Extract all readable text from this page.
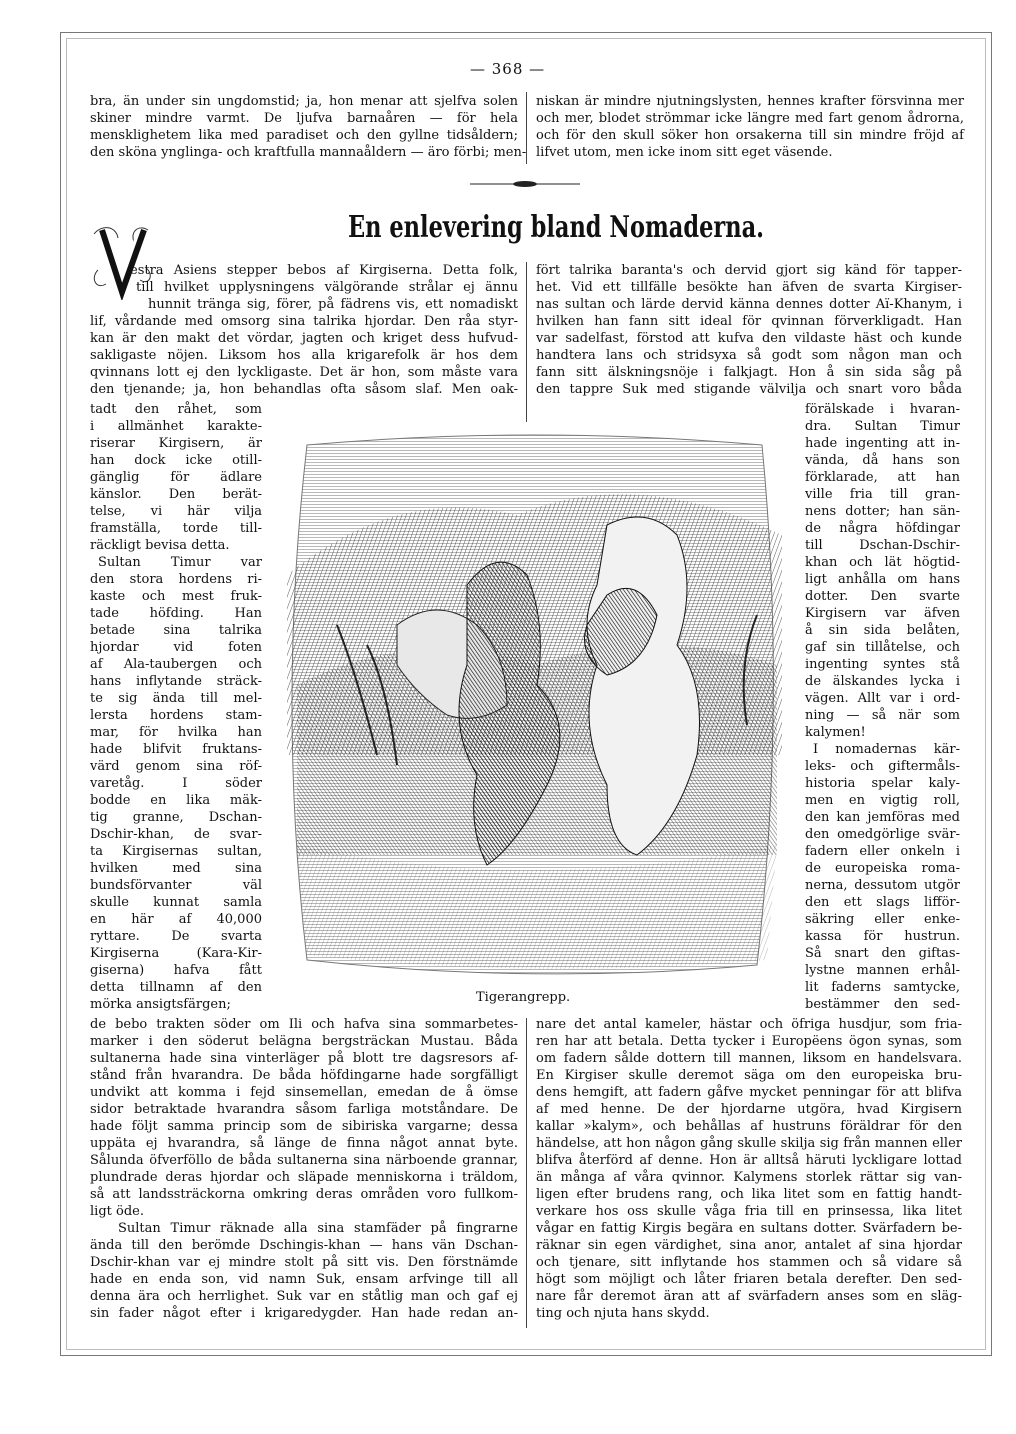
— 368 —
bra, än under sin ungdomstid; ja, hon menar att sjelfva solen
skiner mindre varmt. De ljufva barnaåren — för hela
mensklighetem lika med paradiset och den gyllne tidsåldern;
den sköna ynglinga- och kraftfulla mannaåldern — äro förbi; men-
niskan är mindre njutningslysten, hennes krafter försvinna mer
och mer, blodet strömmar icke längre med fart genom ådrorna,
och för den skull söker hon orsakerna till sin mindre fröjd af
lifvet utom, men icke inom sitt eget väsende.
V	En enlevering bland Nomaderna.
estra Asiens stepper bebos af Kirgiserna. Detta folk,
till hvilket upplysningens välgörande strålar ej ännu
hunnit tränga sig, förer, på fädrens vis, ett nomadiskt
lif, vårdande med omsorg sina talrika hjordar. Den råa styr-
kan är den makt det vördar, jagten och kriget dess hufvud-
sakligaste nöjen. Liksom hos alla krigarefolk är hos dem
qvinnans lott ej den lyckligaste. Det är hon, som måste vara
den tjenande; ja, hon behandlas ofta såsom slaf. Men oak-
fört talrika baranta's och dervid gjort sig känd för tapper-
het. Vid ett tillfälle besökte han äfven de svarta Kirgiser-
nas sultan och lärde dervid känna dennes dotter Aï-Khanym, i
hvilken han fann sitt ideal för qvinnan förverkligadt. Han
var sadelfast, förstod att kufva den vildaste häst och kunde
handtera lans och stridsyxa så godt som någon man och
fann sitt älskningsnöje i falkjagt. Hon å sin sida såg på
den tappre Suk med stigande välvilja och snart voro båda
tadt den råhet, som
i allmänhet karakte-
riserar Kirgisern, är
han dock icke otill-
gänglig för ädlare
känslor. Den berät-
telse, vi här vilja
framställa, torde till-
räckligt bevisa detta.
Sultan Timur var
den stora hordens ri-
kaste och mest fruk-
tade höfding. Han
betade sina talrika
hjordar vid foten
af Ala-taubergen och
hans inflytande sträck-
te sig ända till mel-
lersta hordens stam-
mar, för hvilka han
hade blifvit fruktans-
värd genom sina röf-
varetåg. I söder
bodde en lika mäk-
tig granne, Dschan-
Dschir-khan, de svar-
ta Kirgisernas sultan,
hvilken med sina
bundsförvanter väl
skulle kunnat samla
en här af 40,000
ryttare. De svarta
Kirgiserna (Kara-Kir-
giserna) hafva fått
detta tillnamn af den
mörka ansigtsfärgen;
förälskade i hvaran-
dra. Sultan Timur
hade ingenting att in-
vända, då hans son
förklarade, att han
ville fria till gran-
nens dotter; han sän-
de några höfdingar
till Dschan-Dschir-
khan och lät högtid-
ligt anhålla om hans
dotter. Den svarte
Kirgisern var äfven
å sin sida belåten,
gaf sin tillåtelse, och
ingenting syntes stå
de älskandes lycka i
vägen. Allt var i ord-
ning — så när som
kalymen!
I nomadernas kär-
leks- och giftermåls-
historia spelar kaly-
men en vigtig roll,
den kan jemföras med
den omedgörlige svär-
fadern eller onkeln i
de europeiska roma-
nerna, dessutom utgör
den ett slags lifför-
säkring eller enke-
kassa för hustrun.
Så snart den giftas-
lystne mannen erhål-
lit faderns samtycke,
bestämmer den sed-
Tigerangrepp.
de bebo trakten söder om Ili och hafva sina sommarbetes-
marker i den söderut belägna bergsträckan Mustau. Båda
sultanerna hade sina vinterläger på blott tre dagsresors af-
stånd från hvarandra. De båda höfdingarne hade sorgfälligt
undvikt att komma i fejd sinsemellan, emedan de å ömse
sidor betraktade hvarandra såsom farliga motståndare. De
hade följt samma princip som de sibiriska vargarne; dessa
uppäta ej hvarandra, så länge de finna något annat byte.
Sålunda öfverföllo de båda sultanerna sina närboende grannar,
plundrade deras hjordar och släpade menniskorna i träldom,
så att landssträckorna omkring deras områden voro fullkom-
ligt öde.
Sultan Timur räknade alla sina stamfäder på fingrarne
ända till den berömde Dschingis-khan — hans vän Dschan-
Dschir-khan var ej mindre stolt på sitt vis. Den förstnämde
hade en enda son, vid namn Suk, ensam arfvinge till all
denna ära och herrlighet. Suk var en ståtlig man och gaf ej
sin fader något efter i krigaredygder. Han hade redan an-
nare det antal kameler, hästar och öfriga husdjur, som fria-
ren har att betala. Detta tycker i Europëens ögon synas, som
om fadern sålde dottern till mannen, liksom en handelsvara.
En Kirgiser skulle deremot säga om den europeiska bru-
dens hemgift, att fadern gåfve mycket penningar för att blifva
af med henne. De der hjordarne utgöra, hvad Kirgisern
kallar »kalym», och behållas af hustruns föräldrar för den
händelse, att hon någon gång skulle skilja sig från mannen eller
blifva återförd af denne. Hon är alltså härutі lyckligare lottad
än många af våra qvinnor. Kalymens storlek rättar sig van-
ligen efter brudens rang, och lika litet som en fattig handt-
verkare hos oss skulle våga fria till en prinsessa, lika litet
vågar en fattig Kirgis begära en sultans dotter. Svärfadern be-
räknar sin egen värdighet, sina anor, antalet af sina hjordar
och tjenare, sitt inflytande hos stammen och så vidare så
högt som möjligt och låter friaren betala derefter. Den sed-
nare får deremot äran att af svärfadern anses som en släg-
ting och njuta hans skydd.
